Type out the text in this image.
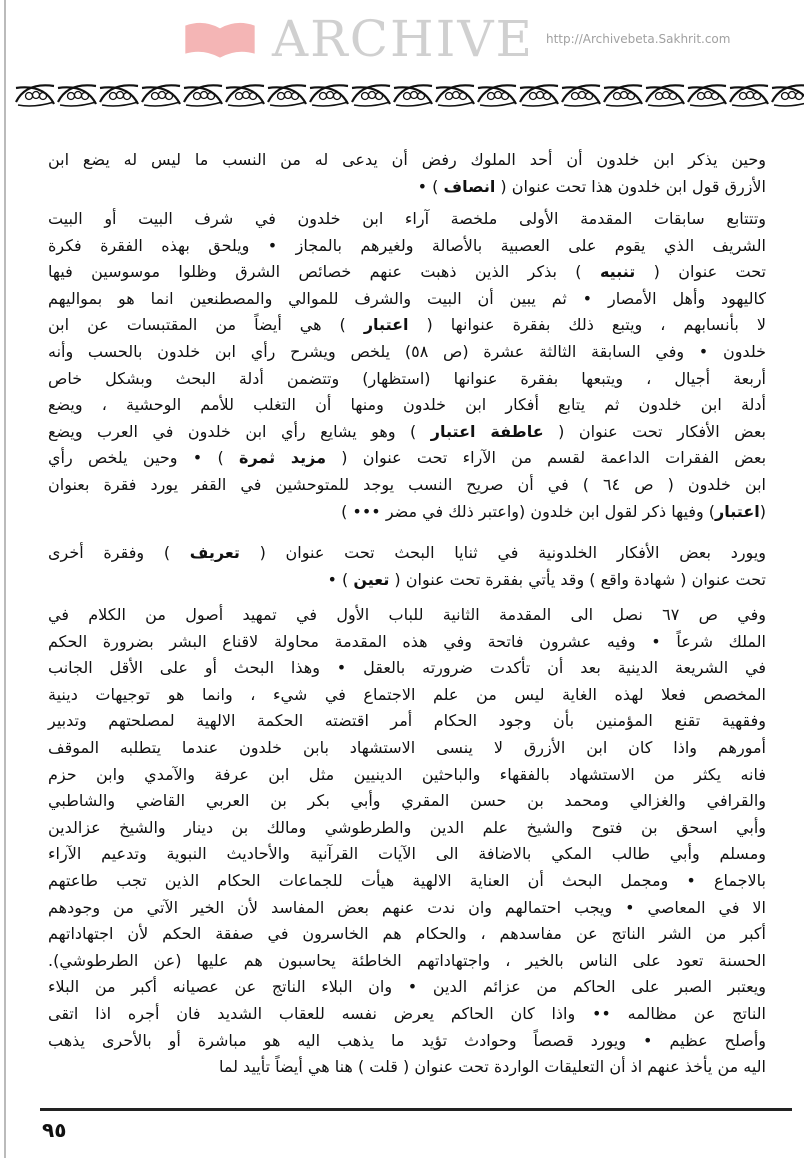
ARCHIVE http://Archivebeta.Sakhrit.com
وحين يذكر ابن خلدون أن أحد الملوك رفض أن يدعى له من النسب ما ليس له يضع ابن
الأزرق قول ابن خلدون هذا تحت عنوان ( انصاف ) •
وتتتابع سابقات المقدمة الأولى ملخصة آراء ابن خلدون في شرف البيت أو البيت
الشريف الذي يقوم على العصبية بالأصالة ولغيرهم بالمجاز • ويلحق بهذه الفقرة فكرة
تحت عنوان ( تنبيه ) بذكر الذين ذهبت عنهم خصائص الشرق وظلوا موسوسين فيها
كاليهود وأهل الأمصار • ثم يبين أن البيت والشرف للموالي والمصطنعين انما هو بمواليهم
لا بأنسابهم ، ويتبع ذلك بفقرة عنوانها ( اعتبار ) هي أيضاً من المقتبسات عن ابن
خلدون • وفي السابقة الثالثة عشرة (ص ٥٨) يلخص ويشرح رأي ابن خلدون بالحسب وأنه
أربعة أجيال ، ويتبعها بفقرة عنوانها (استظهار) وتتضمن أدلة البحث وبشكل خاص
أدلة ابن خلدون ثم يتابع أفكار ابن خلدون ومنها أن التغلب للأمم الوحشية ، ويضع
بعض الأفكار تحت عنوان ( عاطفة اعتبار ) وهو يشايع رأي ابن خلدون في العرب ويضع
بعض الفقرات الداعمة لقسم من الآراء تحت عنوان ( مزيد ثمرة ) • وحين يلخص رأي
ابن خلدون ( ص ٦٤ ) في أن صريح النسب يوجد للمتوحشين في القفر يورد فقرة بعنوان
(اعتبار) وفيها ذكر لقول ابن خلدون (واعتبر ذلك في مضر ••• )
ويورد بعض الأفكار الخلدونية في ثنايا البحث تحت عنوان ( تعريف ) وفقرة أخرى
تحت عنوان ( شهادة واقع ) وقد يأتي بفقرة تحت عنوان ( تعين ) •
وفي ص ٦٧ نصل الى المقدمة الثانية للباب الأول في تمهيد أصول من الكلام في
الملك شرعاً • وفيه عشرون فاتحة وفي هذه المقدمة محاولة لاقناع البشر بضرورة الحكم
في الشريعة الدينية بعد أن تأكدت ضرورته بالعقل • وهذا البحث أو على الأقل الجانب
المخصص فعلا لهذه الغاية ليس من علم الاجتماع في شيء ، وانما هو توجيهات دينية
وفقهية تقنع المؤمنين بأن وجود الحكام أمر اقتضته الحكمة الالهية لمصلحتهم وتدبير
أمورهم واذا كان ابن الأزرق لا ينسى الاستشهاد بابن خلدون عندما يتطلبه الموقف
فانه يكثر من الاستشهاد بالفقهاء والباحثين الدينيين مثل ابن عرفة والآمدي وابن حزم
والقرافي والغزالي ومحمد بن حسن المقري وأبي بكر بن العربي القاضي والشاطبي
وأبي اسحق بن فتوح والشيخ علم الدين والطرطوشي ومالك بن دينار والشيخ عزالدين
ومسلم وأبي طالب المكي بالاضافة الى الآيات القرآنية والأحاديث النبوية وتدعيم الآراء
بالاجماع • ومجمل البحث أن العناية الالهية هيأت للجماعات الحكام الذين تجب طاعتهم
الا في المعاصي • ويجب احتمالهم وان ندت عنهم بعض المفاسد لأن الخير الآتي من وجودهم
أكبر من الشر الناتج عن مفاسدهم ، والحكام هم الخاسرون في صفقة الحكم لأن اجتهاداتهم
الحسنة تعود على الناس بالخير ، واجتهاداتهم الخاطئة يحاسبون هم عليها (عن الطرطوشي).
ويعتبر الصبر على الحاكم من عزائم الدين • وان البلاء الناتج عن عصيانه أكبر من البلاء
الناتج عن مظالمه •• واذا كان الحاكم يعرض نفسه للعقاب الشديد فان أجره اذا اتقى
وأصلح عظيم • ويورد قصصاً وحوادث تؤيد ما يذهب اليه هو مباشرة أو بالأحرى يذهب
اليه من يأخذ عنهم اذ أن التعليقات الواردة تحت عنوان ( قلت ) هنا هي أيضاً تأييد لما
٩٥
